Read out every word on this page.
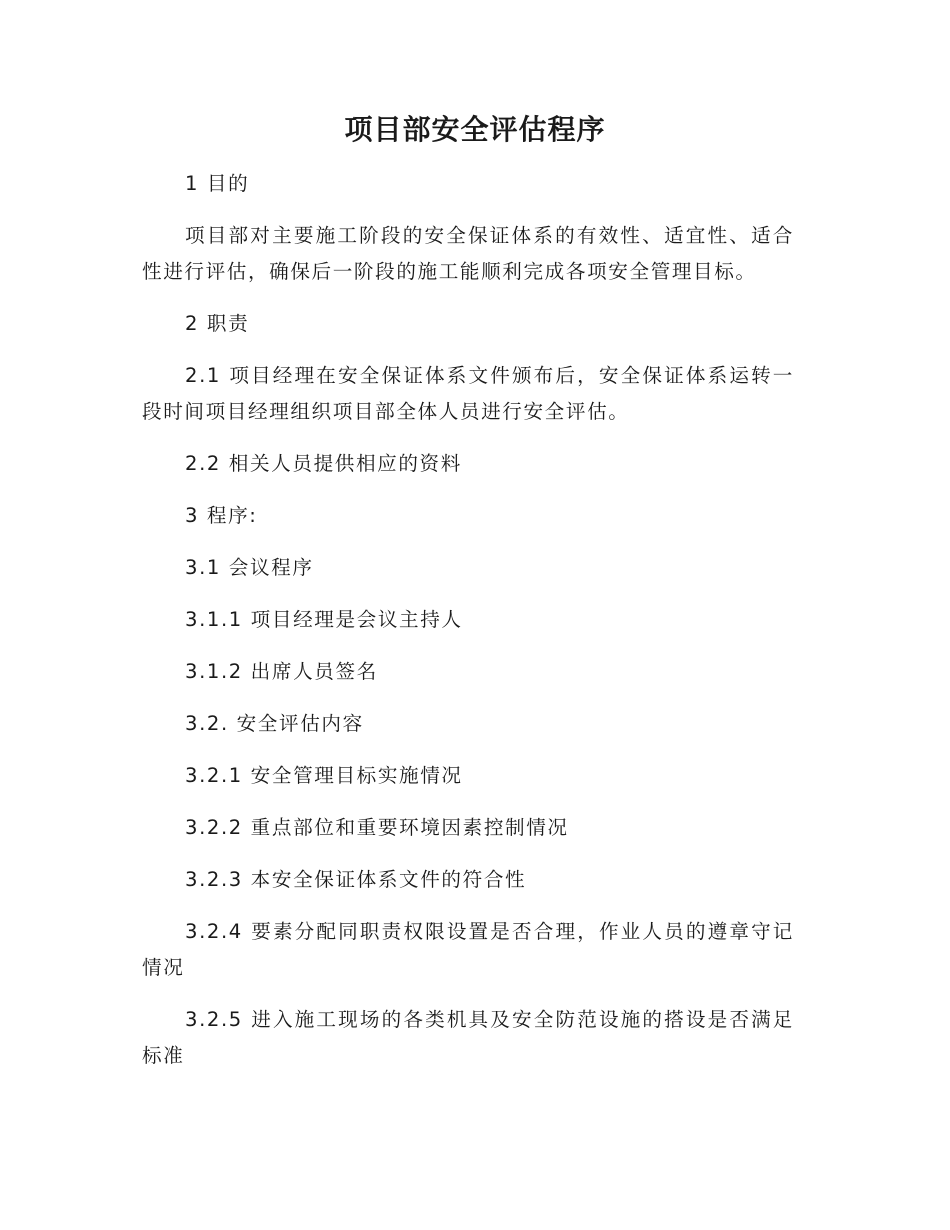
项目部安全评估程序

1 目的

项目部对主要施工阶段的安全保证体系的有效性、适宜性、适合性进行评估，确保后一阶段的施工能顺利完成各项安全管理目标。

2 职责

2.1 项目经理在安全保证体系文件颁布后，安全保证体系运转一段时间项目经理组织项目部全体人员进行安全评估。

2.2 相关人员提供相应的资料

3 程序:

3.1 会议程序

3.1.1 项目经理是会议主持人

3.1.2 出席人员签名

3.2. 安全评估内容

3.2.1 安全管理目标实施情况

3.2.2 重点部位和重要环境因素控制情况

3.2.3 本安全保证体系文件的符合性

3.2.4 要素分配同职责权限设置是否合理，作业人员的遵章守记情况

3.2.5 进入施工现场的各类机具及安全防范设施的搭设是否满足标准
